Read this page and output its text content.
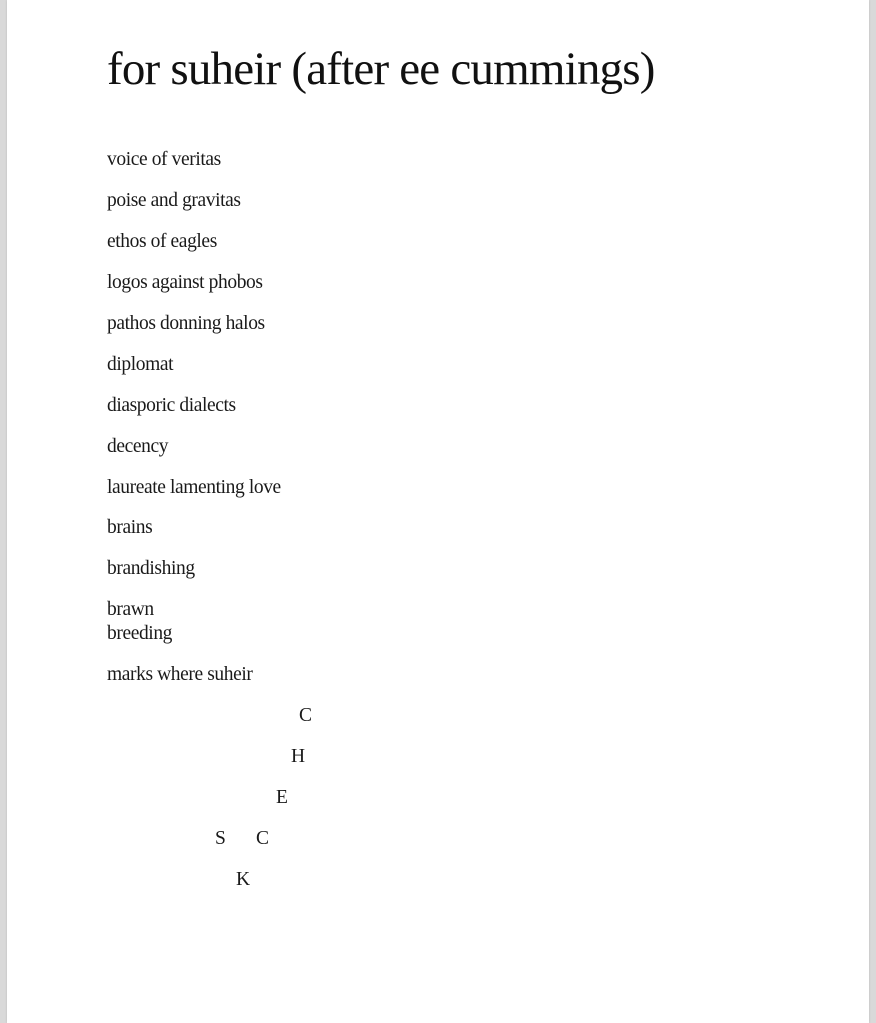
for suheir (after ee cummings)

voice of veritas

poise and gravitas

ethos of eagles

logos against phobos

pathos donning halos

diplomat

diasporic dialects

decency

laureate lamenting love

brains

brandishing

brawn

breeding

marks where suheir

C
H
E
S C
K
